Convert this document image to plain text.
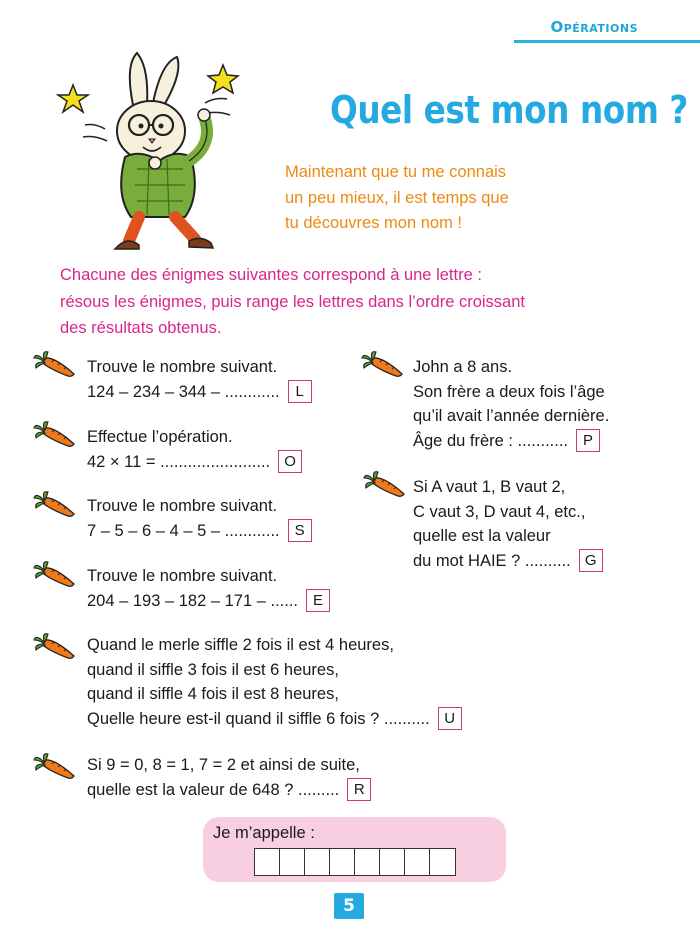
Opérations
Quel est mon nom ?
Maintenant que tu me connais
un peu mieux, il est temps que
tu découvres mon nom !
Chacune des énigmes suivantes correspond à une lettre :
résous les énigmes, puis range les lettres dans l’ordre croissant
des résultats obtenus.
Trouve le nombre suivant.
124 – 234 – 344 – ............	L
Effectue l’opération.
42 × 11 = ........................ O
Trouve le nombre suivant.
7 – 5 – 6 – 4 – 5 – ............ S
Trouve le nombre suivant.
204 – 193 – 182 – 171 – ...... E
John a 8 ans.
Son frère a deux fois l’âge
qu’il avait l’année dernière.
Âge du frère : ........... P
Si A vaut 1, B vaut 2,
C vaut 3, D vaut 4, etc.,
quelle est la valeur
du mot HAIE ? .......... G
Quand le merle siffle 2 fois il est 4 heures,
quand il siffle 3 fois il est 6 heures,
quand il siffle 4 fois il est 8 heures,
Quelle heure est-il quand il siffle 6 fois ? .......... U
Si 9 = 0, 8 = 1, 7 = 2 et ainsi de suite,
quelle est la valeur de 648 ? ......... R
Je m’appelle :
5
